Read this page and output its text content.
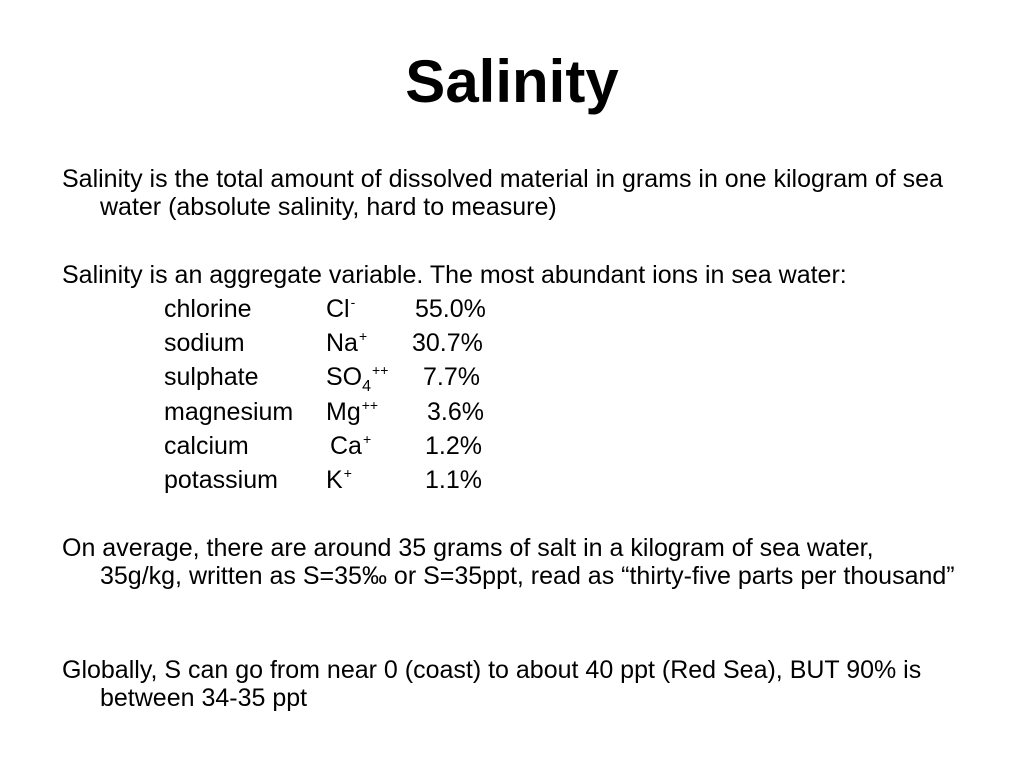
Salinity
Salinity is the total amount of dissolved material in grams in one kilogram of sea water (absolute salinity, hard to measure)
Salinity is an aggregate variable. The most abundant ions in sea water:
chlorine	Cl- 55.0%
sodium	Na+ 30.7%
sulphate	$SO_4^{++}$ 7.7%
magnesium Mg++ 3.6%
calcium	Ca+ 1.2%
potassium K+	1.1%
On average, there are around 35 grams of salt in a kilogram of sea water, 35g/kg, written as S=35‰ or S=35ppt, read as “thirty-five parts per thousand”
Globally, S can go from near 0 (coast) to about 40 ppt (Red Sea), BUT 90% is between 34-35 ppt
